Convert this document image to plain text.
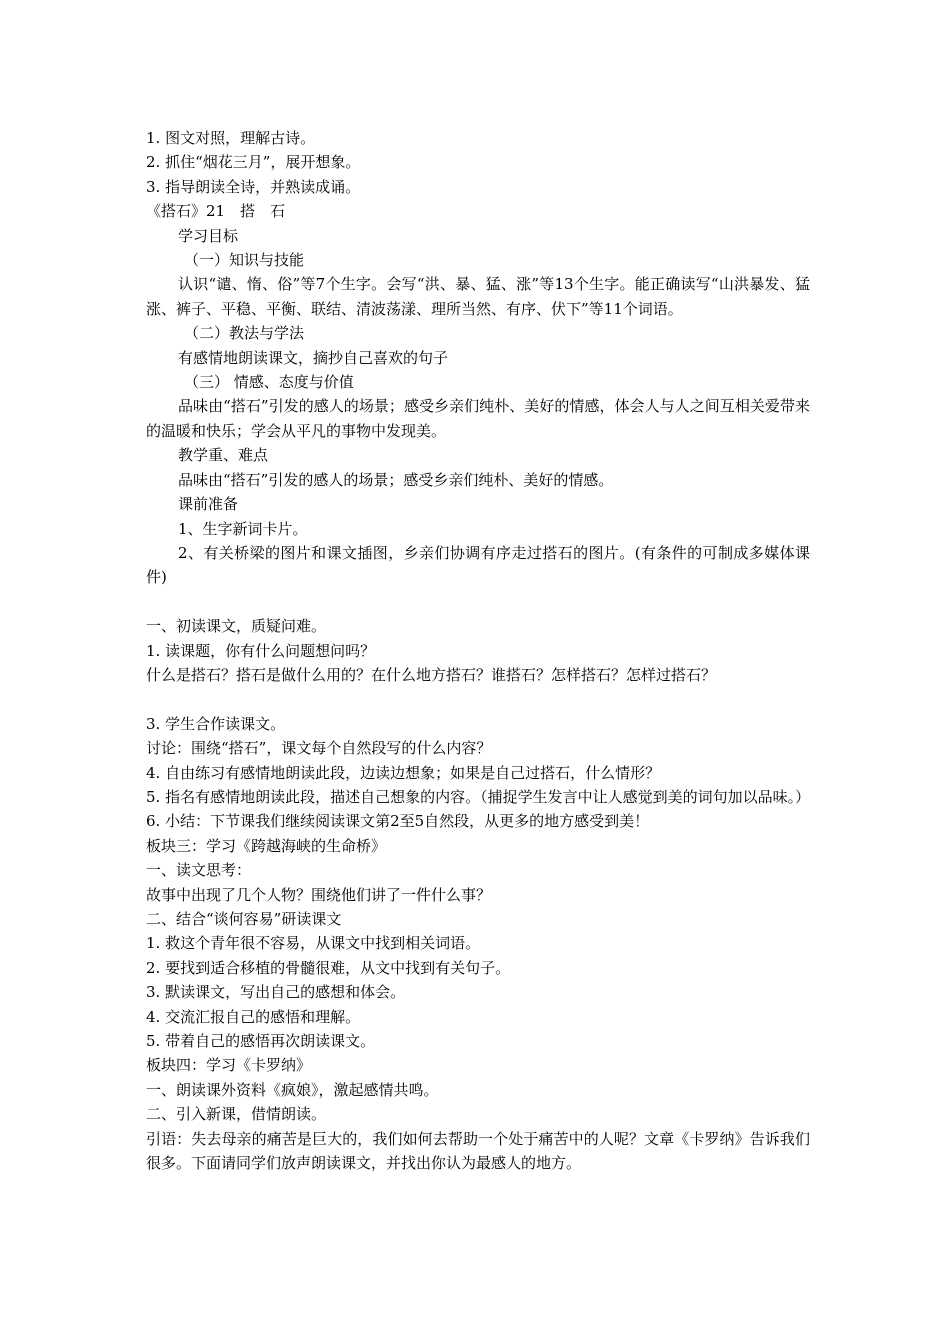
1. 图文对照，理解古诗。

2. 抓住“烟花三月”，展开想象。

3. 指导朗读全诗，并熟读成诵。

《搭石》21　搭　石

学习目标

（一）知识与技能

认识“谴、惰、俗”等7个生字。会写“洪、暴、猛、涨”等13个生字。能正确读写“山洪暴发、猛涨、裤子、平稳、平衡、联结、清波荡漾、理所当然、有序、伏下”等11个词语。

（二）教法与学法

有感情地朗读课文，摘抄自己喜欢的句子

（三） 情感、态度与价值

品味由“搭石”引发的感人的场景；感受乡亲们纯朴、美好的情感，体会人与人之间互相关爱带来的温暖和快乐；学会从平凡的事物中发现美。

教学重、难点

品味由“搭石”引发的感人的场景；感受乡亲们纯朴、美好的情感。

课前准备

1、生字新词卡片。

2、有关桥梁的图片和课文插图，乡亲们协调有序走过搭石的图片。(有条件的可制成多媒体课件)

一、初读课文，质疑问难。

1. 读课题，你有什么问题想问吗？

什么是搭石？搭石是做什么用的？在什么地方搭石？谁搭石？怎样搭石？怎样过搭石？

3. 学生合作读课文。

讨论：围绕“搭石”，课文每个自然段写的什么内容？

4. 自由练习有感情地朗读此段，边读边想象；如果是自己过搭石，什么情形？

5. 指名有感情地朗读此段，描述自己想象的内容。（捕捉学生发言中让人感觉到美的词句加以品味。）

6. 小结：下节课我们继续阅读课文第2至5自然段，从更多的地方感受到美！

板块三：学习《跨越海峡的生命桥》

一、读文思考：

故事中出现了几个人物？围绕他们讲了一件什么事？

二、结合“谈何容易”研读课文

1. 救这个青年很不容易，从课文中找到相关词语。

2. 要找到适合移植的骨髓很难，从文中找到有关句子。

3. 默读课文，写出自己的感想和体会。

4. 交流汇报自己的感悟和理解。

5. 带着自己的感悟再次朗读课文。

板块四：学习《卡罗纳》

一、朗读课外资料《疯娘》，激起感情共鸣。

二、引入新课，借情朗读。

引语：失去母亲的痛苦是巨大的，我们如何去帮助一个处于痛苦中的人呢？文章《卡罗纳》告诉我们很多。下面请同学们放声朗读课文，并找出你认为最感人的地方。
